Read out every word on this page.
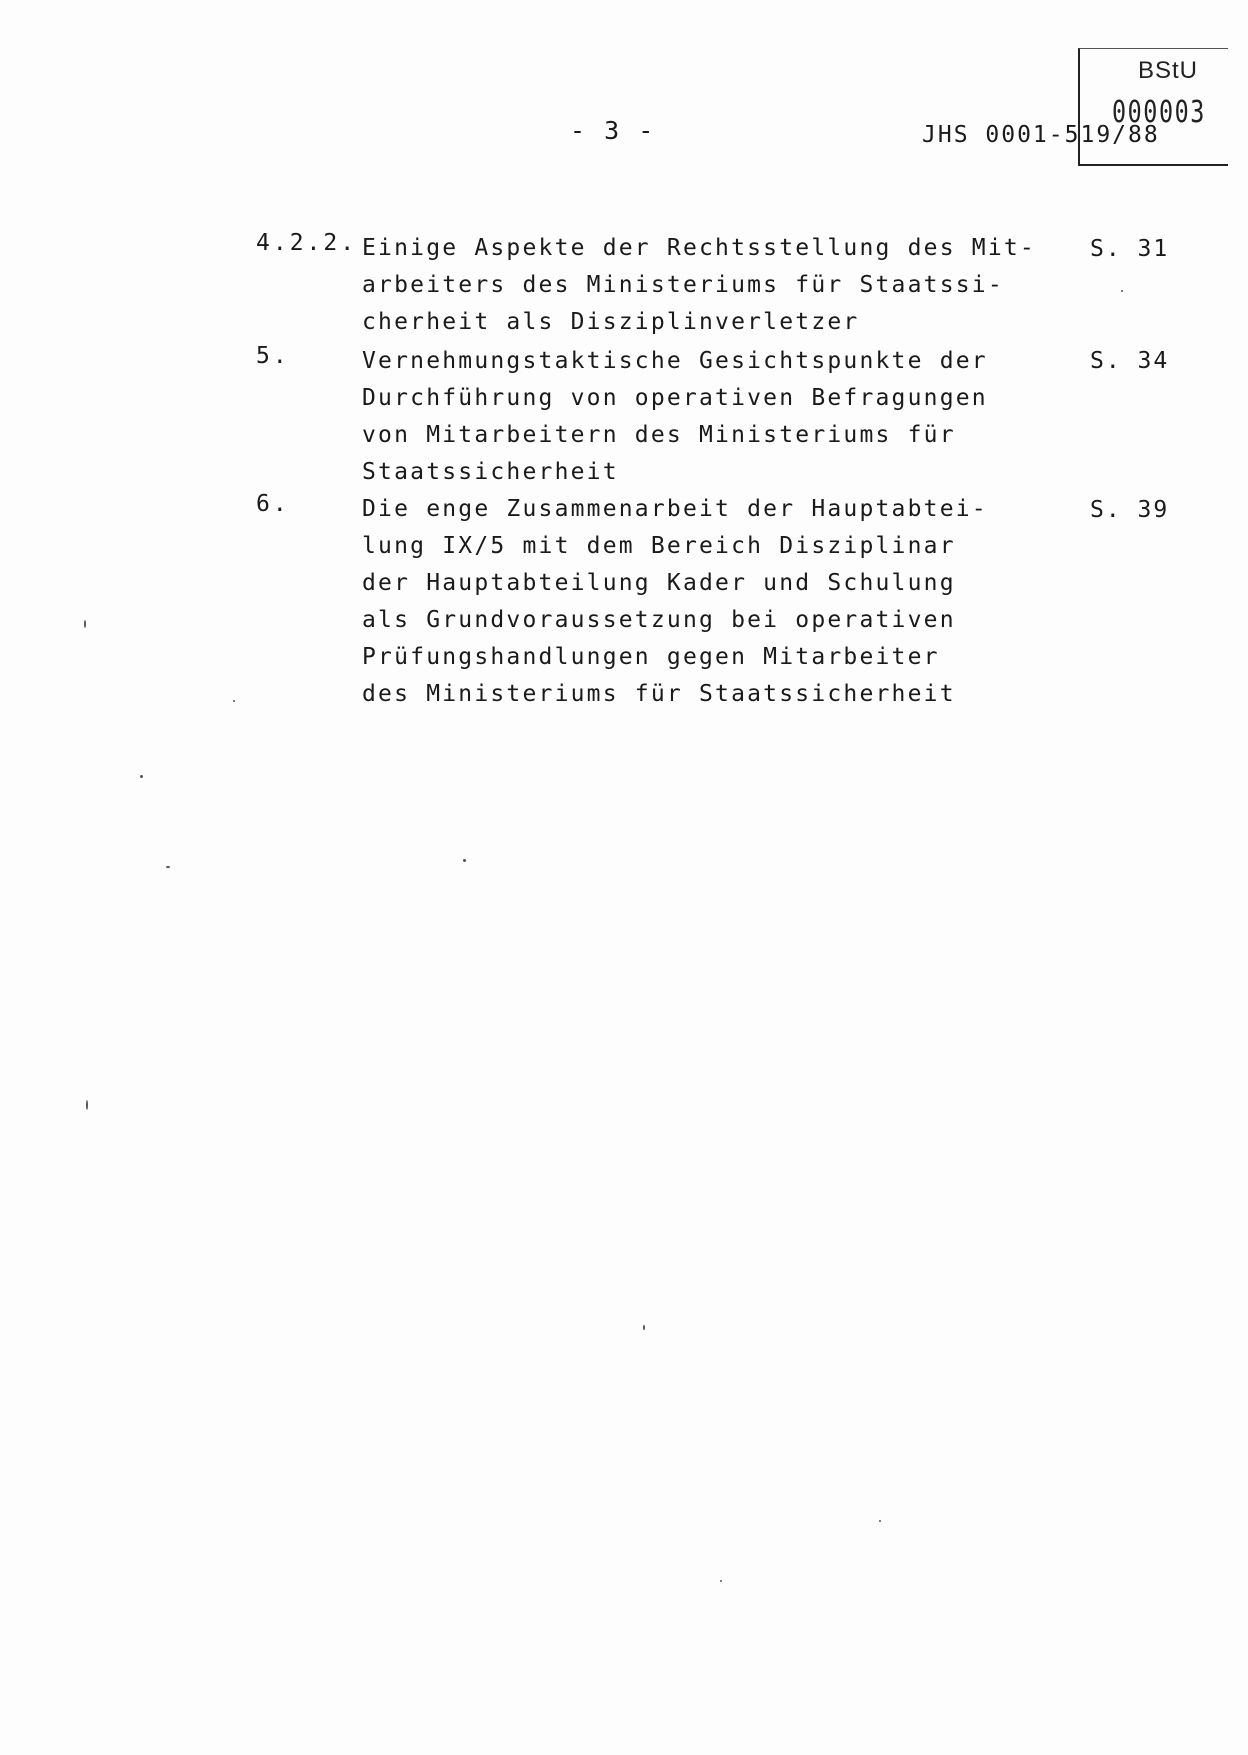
BStU
000003
- 3 -	JHS 0001-519/88
4.2.2. Einige Aspekte der Rechtsstellung des Mit-
arbeiters des Ministeriums für Staatssi-
cherheit als Disziplinverletzer
S. 31
5.	Vernehmungstaktische Gesichtspunkte der
Durchführung von operativen Befragungen
von Mitarbeitern des Ministeriums für
Staatssicherheit
S. 34
6.	Die enge Zusammenarbeit der Hauptabtei-
lung IX/5 mit dem Bereich Disziplinar
der Hauptabteilung Kader und Schulung
als Grundvoraussetzung bei operativen
Prüfungshandlungen gegen Mitarbeiter
des Ministeriums für Staatssicherheit
S. 39
